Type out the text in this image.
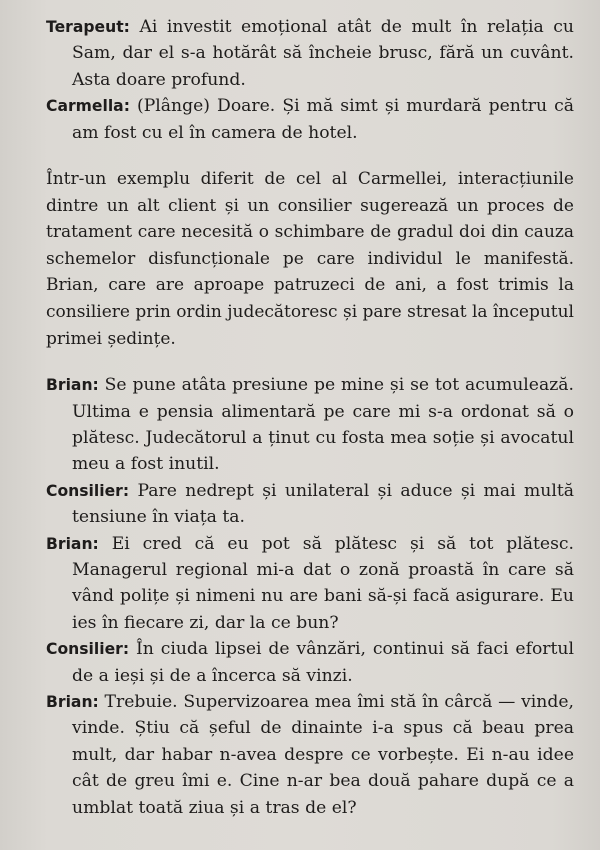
Terapeut: Ai investit emoțional atât de mult în relația cu Sam, dar el s-a hotărât să încheie brusc, fără un cuvânt. Asta doare profund.

Carmella: (Plânge) Doare. Și mă simt și murdară pentru că am fost cu el în camera de hotel.

Într-un exemplu diferit de cel al Carmellei, interacțiunile dintre un alt client și un consilier sugerează un proces de tratament care necesită o schimbare de gradul doi din cauza schemelor disfuncționale pe care individul le manifestă. Brian, care are aproape patruzeci de ani, a fost trimis la consiliere prin ordin judecătoresc și pare stresat la începutul primei ședințe.

Brian: Se pune atâta presiune pe mine și se tot acumulează. Ultima e pensia alimentară pe care mi s-a ordonat să o plătesc. Judecătorul a ținut cu fosta mea soție și avocatul meu a fost inutil.

Consilier: Pare nedrept și unilateral și aduce și mai multă tensiune în viața ta.

Brian: Ei cred că eu pot să plătesc și să tot plătesc. Managerul regional mi-a dat o zonă proastă în care să vând polițe și nimeni nu are bani să-și facă asigurare. Eu ies în fiecare zi, dar la ce bun?

Consilier: În ciuda lipsei de vânzări, continui să faci efortul de a ieși și de a încerca să vinzi.

Brian: Trebuie. Supervizoarea mea îmi stă în cârcă — vinde, vinde. Știu că șeful de dinainte i-a spus că beau prea mult, dar habar n-avea despre ce vorbește. Ei n-au idee cât de greu îmi e. Cine n-ar bea două pahare după ce a umblat toată ziua și a tras de el?
